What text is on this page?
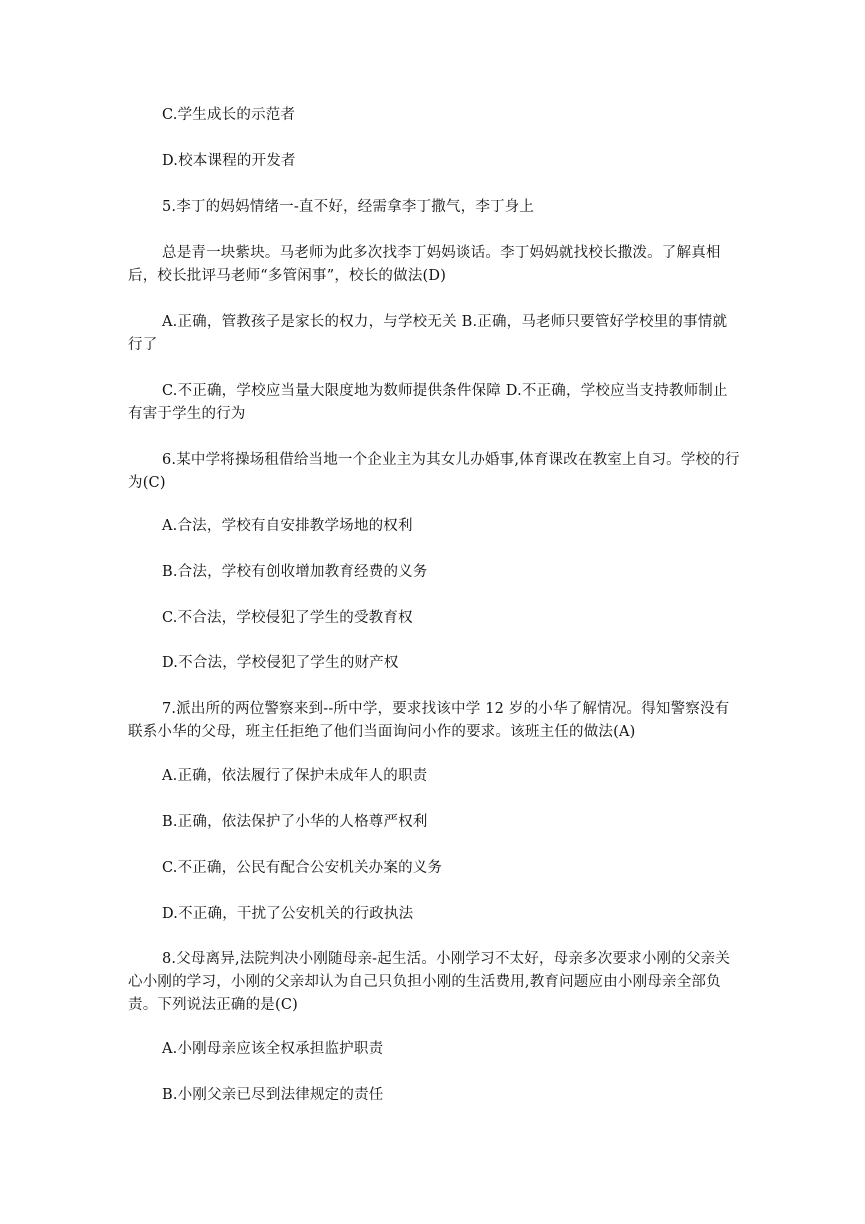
C.学生成长的示范者
D.校本课程的开发者
5.李丁的妈妈情绪一-直不好，经需拿李丁撒气，李丁身上
总是青一块紫块。马老师为此多次找李丁妈妈谈话。李丁妈妈就找校长撒泼。了解真相后，校长批评马老师“多管闲事”，校长的做法(D)
A.正确，管教孩子是家长的权力，与学校无关 B.正确，马老师只要管好学校里的事情就行了
C.不正确，学校应当量大限度地为数师提供条件保障 D.不正确，学校应当支持教师制止有害于学生的行为
6.某中学将操场租借给当地一个企业主为其女儿办婚事,体育课改在教室上自习。学校的行为(C)
A.合法，学校有自安排教学场地的权利
B.合法，学校有创收增加教育经费的义务
C.不合法，学校侵犯了学生的受教育权
D.不合法，学校侵犯了学生的财产权
7.派出所的两位警察来到--所中学，要求找该中学 12 岁的小华了解情况。得知警察没有联系小华的父母，班主任拒绝了他们当面询问小作的要求。该班主任的做法(A)
A.正确，依法履行了保护未成年人的职责
B.正确，依法保护了小华的人格尊严权利
C.不正确，公民有配合公安机关办案的义务
D.不正确，干扰了公安机关的行政执法
8.父母离异,法院判决小刚随母亲-起生活。小刚学习不太好，母亲多次要求小刚的父亲关心小刚的学习，小刚的父亲却认为自己只负担小刚的生活费用,教育问题应由小刚母亲全部负责。下列说法正确的是(C)
A.小刚母亲应该全权承担监护职责
B.小刚父亲已尽到法律规定的责任
